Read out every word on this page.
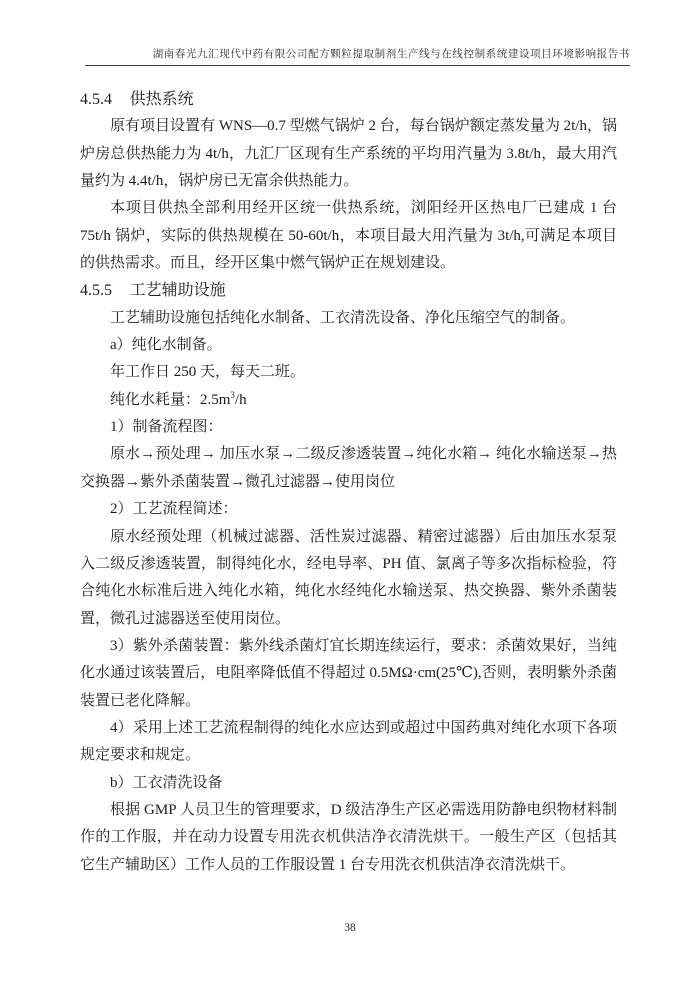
湖南春光九汇现代中药有限公司配方颗粒提取制剂生产线与在线控制系统建设项目环境影响报告书
4.5.4 供热系统

原有项目设置有 WNS—0.7 型燃气锅炉 2 台，每台锅炉额定蒸发量为 2t/h，锅炉房总供热能力为 4t/h，九汇厂区现有生产系统的平均用汽量为 3.8t/h，最大用汽量约为 4.4t/h，锅炉房已无富余供热能力。

本项目供热全部利用经开区统一供热系统，浏阳经开区热电厂已建成 1 台 75t/h 锅炉，实际的供热规模在 50-60t/h，本项目最大用汽量为 3t/h,可满足本项目的供热需求。而且，经开区集中燃气锅炉正在规划建设。

4.5.5 工艺辅助设施

工艺辅助设施包括纯化水制备、工衣清洗设备、净化压缩空气的制备。

a）纯化水制备。

年工作日 250 天，每天二班。

纯化水耗量：$2.5m^3/h$

1）制备流程图：

原水→预处理→ 加压水泵→二级反渗透装置→纯化水箱→ 纯化水输送泵→热交换器→紫外杀菌装置→微孔过滤器→使用岗位

2）工艺流程简述：

原水经预处理（机械过滤器、活性炭过滤器、精密过滤器）后由加压水泵泵入二级反渗透装置，制得纯化水，经电导率、PH 值、氯离子等多次指标检验，符合纯化水标准后进入纯化水箱，纯化水经纯化水输送泵、热交换器、紫外杀菌装置，微孔过滤器送至使用岗位。

3）紫外杀菌装置：紫外线杀菌灯宜长期连续运行，要求：杀菌效果好，当纯化水通过该装置后，电阻率降低值不得超过 0.5MΩ·cm(25℃),否则，表明紫外杀菌装置已老化降解。

4）采用上述工艺流程制得的纯化水应达到或超过中国药典对纯化水项下各项规定要求和规定。

b）工衣清洗设备

根据 GMP 人员卫生的管理要求，D 级洁净生产区必需选用防静电织物材料制作的工作服，并在动力设置专用洗衣机供洁净衣清洗烘干。一般生产区（包括其它生产辅助区）工作人员的工作服设置 1 台专用洗衣机供洁净衣清洗烘干。

38
